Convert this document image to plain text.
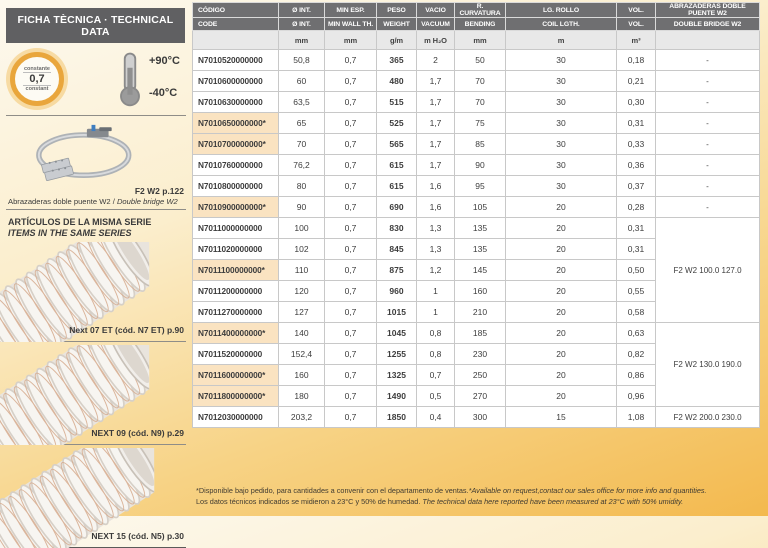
FICHA TÈCNICA · TECHNICAL DATA
constante
0,7
constant
+90°C
-40°C
F2 W2 p.122
Abrazaderas doble puente W2 / Double bridge W2
ARTÍCULOS DE LA MISMA SERIE
ITEMS IN THE SAME SERIES
Next 07 ET (cód. N7 ET) p.90
NEXT 09 (cód. N9) p.29
NEXT 15 (cód. N5) p.30
CÓDIGO	Ø INT.	MIN ESP.	PESO	VACIO	R. CURVATURA	LG. ROLLO	VOL.	ABRAZADERAS DOBLE PUENTE W2
CODE	Ø INT.	MIN WALL TH.	WEIGHT	VACUUM	BENDING	COIL LGTH.	VOL.	DOUBLE BRIDGE W2
	mm	mm	g/m	m H₂O	mm	m	m³	
N7010520000000	50,8	0,7	365	2	50	30	0,18	-
N7010600000000	60	0,7	480	1,7	70	30	0,21	-
N7010630000000	63,5	0,7	515	1,7	70	30	0,30	-
N7010650000000*	65	0,7	525	1,7	75	30	0,31	-
N7010700000000*	70	0,7	565	1,7	85	30	0,33	-
N7010760000000	76,2	0,7	615	1,7	90	30	0,36	-
N7010800000000	80	0,7	615	1,6	95	30	0,37	-
N7010900000000*	90	0,7	690	1,6	105	20	0,28	-
N7011000000000	100	0,7	830	1,3	135	20	0,31	F2 W2 100.0 127.0
N7011020000000	102	0,7	845	1,3	135	20	0,31	
N7011100000000*	110	0,7	875	1,2	145	20	0,50	
N7011200000000	120	0,7	960	1	160	20	0,55	
N7011270000000	127	0,7	1015	1	210	20	0,58	
N7011400000000*	140	0,7	1045	0,8	185	20	0,63	F2 W2 130.0 190.0
N7011520000000	152,4	0,7	1255	0,8	230	20	0,82	
N7011600000000*	160	0,7	1325	0,7	250	20	0,86	
N7011800000000*	180	0,7	1490	0,5	270	20	0,96	
N7012030000000	203,2	0,7	1850	0,4	300	15	1,08	F2 W2 200.0 230.0
*Disponible bajo pedido, para cantidades a convenir con el departamento de ventas.*Available on request,contact our sales office for more info and quantities.
Los datos técnicos indicados se midieron a 23°C y 50% de humedad. The technical data here reported have been measured at 23°C with 50% umidity.
